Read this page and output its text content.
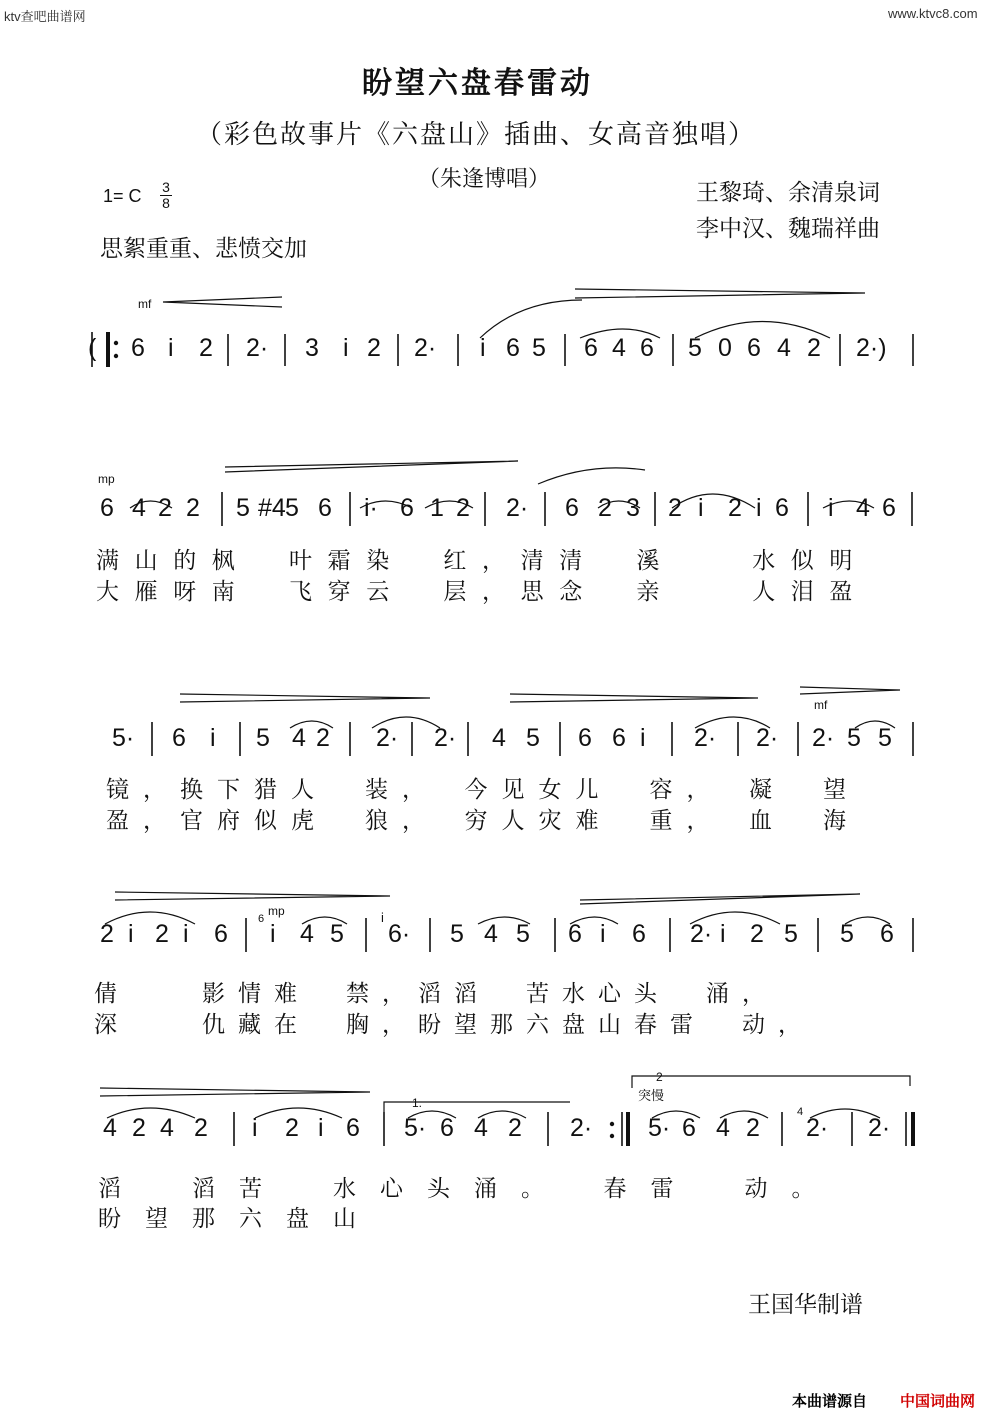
ktv查吧曲谱网	www.ktvc8.com
盼望六盘春雷动
（彩色故事片《六盘山》插曲、女高音独唱）
（朱逢博唱）
1= C 3
8	王黎琦、余清泉词
李中汉、魏瑞祥曲
思絮重重、悲愤交加
mf
mp
mf
mp
6	i
4
1.
2
突慢
( 6 i 2 2· 3 i 2 2· i 6 5 6 4 6 5 0 6 4 2 2·)
6 4 2 2 5 #4 5 6 i· 6 1 2 2· 6 2 3 2 i 2 i 6 i 4 6
5· 6 i 5 4 2 2· 2· 4 5 6 6 i 2· 2· 2· 5 5
2 i 2 i 6 i 4 5 6· 5 4 5 6 i 6 2· i 2 5 5 6
4 2 4 2 i 2 i 6 5· 6 4 2 2· 5· 6 4 2 2· 2·
满山的枫　叶霜染　红，清清　溪　　水似明
大雁呀南　飞穿云　层，思念　亲　　人泪盈
镜，换下猎人　装，　今见女儿　容，　凝　望
盈，官府似虎　狼，　穷人灾难　重，　血　海
倩　　影情难　禁，滔滔　苦水心头　涌，
深　　仇藏在　胸，盼望那六盘山春雷　动，
滔　滔苦　水心头涌。　春雷　动。
盼望那六盘山
王国华制谱
本曲谱源自 中国词曲网
